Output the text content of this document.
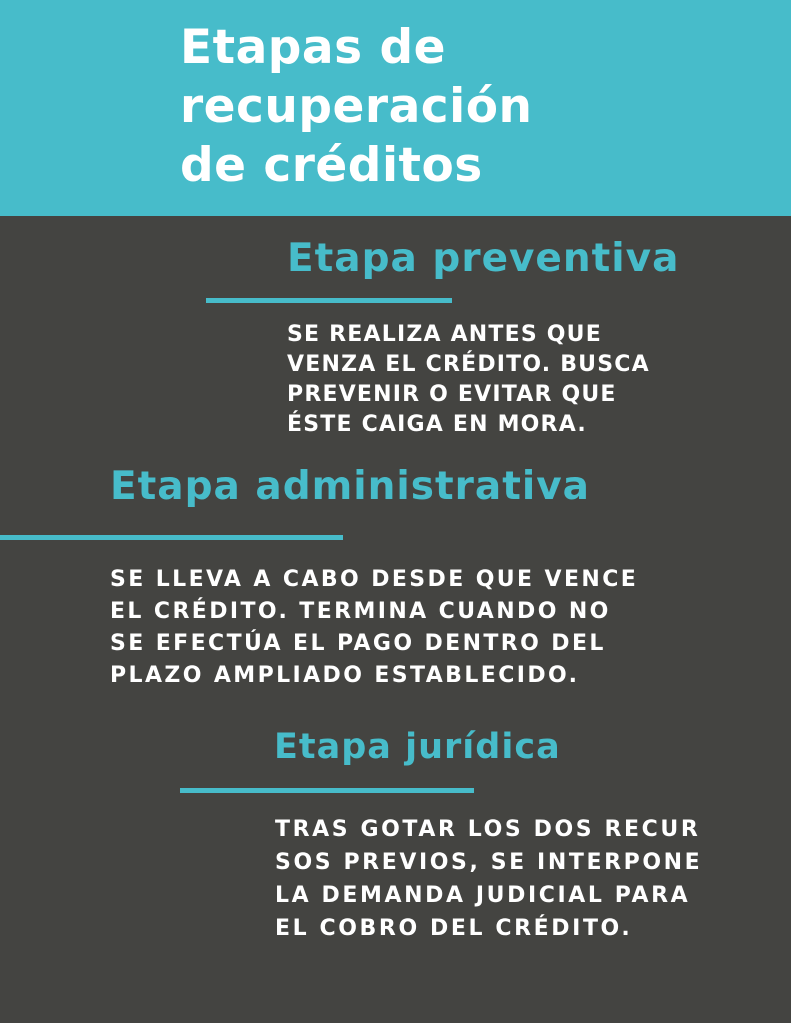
Etapas de
recuperación
de créditos
Etapa preventiva

SE REALIZA ANTES QUE
VENZA EL CRÉDITO. BUSCA
PREVENIR O EVITAR QUE
ÉSTE CAIGA EN MORA.

Etapa administrativa

SE LLEVA A CABO DESDE QUE VENCE
EL CRÉDITO. TERMINA CUANDO NO
SE EFECTÚA EL PAGO DENTRO DEL
PLAZO AMPLIADO ESTABLECIDO.

Etapa jurídica

TRAS GOTAR LOS DOS RECUR
SOS PREVIOS, SE INTERPONE
LA DEMANDA JUDICIAL PARA
EL COBRO DEL CRÉDITO.
